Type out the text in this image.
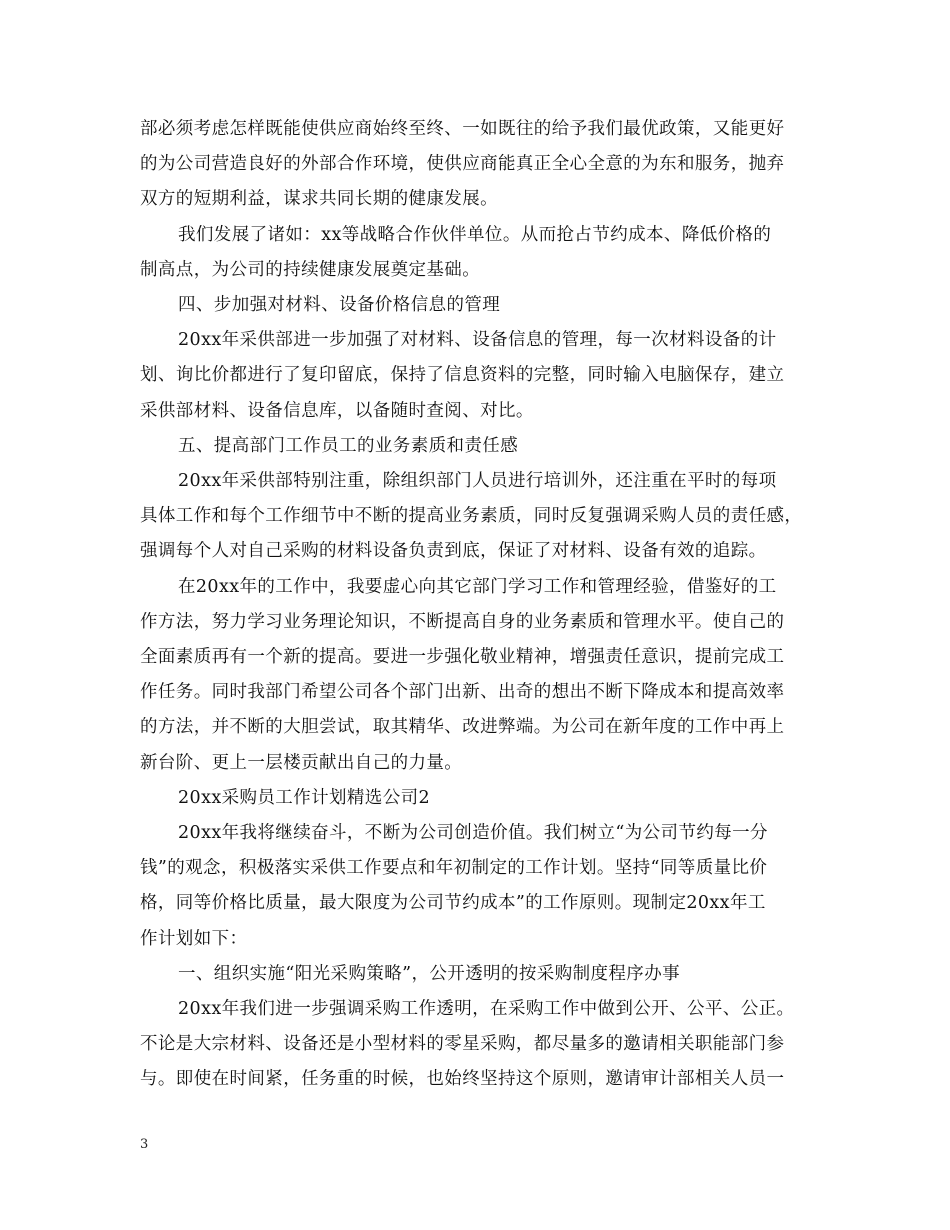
部必须考虑怎样既能使供应商始终至终、一如既往的给予我们最优政策，又能更好

的为公司营造良好的外部合作环境，使供应商能真正全心全意的为东和服务，抛弃

双方的短期利益，谋求共同长期的健康发展。

我们发展了诸如：xx等战略合作伙伴单位。从而抢占节约成本、降低价格的

制高点，为公司的持续健康发展奠定基础。

四、步加强对材料、设备价格信息的管理

20xx年采供部进一步加强了对材料、设备信息的管理，每一次材料设备的计

划、询比价都进行了复印留底，保持了信息资料的完整，同时输入电脑保存，建立

采供部材料、设备信息库，以备随时查阅、对比。

五、提高部门工作员工的业务素质和责任感

20xx年采供部特别注重，除组织部门人员进行培训外，还注重在平时的每项

具体工作和每个工作细节中不断的提高业务素质，同时反复强调采购人员的责任感，

强调每个人对自己采购的材料设备负责到底，保证了对材料、设备有效的追踪。

在20xx年的工作中，我要虚心向其它部门学习工作和管理经验，借鉴好的工

作方法，努力学习业务理论知识，不断提高自身的业务素质和管理水平。使自己的

全面素质再有一个新的提高。要进一步强化敬业精神，增强责任意识，提前完成工

作任务。同时我部门希望公司各个部门出新、出奇的想出不断下降成本和提高效率

的方法，并不断的大胆尝试，取其精华、改进弊端。为公司在新年度的工作中再上

新台阶、更上一层楼贡献出自己的力量。

20xx采购员工作计划精选公司2

20xx年我将继续奋斗，不断为公司创造价值。我们树立“为公司节约每一分

钱”的观念，积极落实采供工作要点和年初制定的工作计划。坚持“同等质量比价

格，同等价格比质量，最大限度为公司节约成本”的工作原则。现制定20xx年工

作计划如下：

一、组织实施“阳光采购策略”，公开透明的按采购制度程序办事

20xx年我们进一步强调采购工作透明，在采购工作中做到公开、公平、公正。

不论是大宗材料、设备还是小型材料的零星采购，都尽量多的邀请相关职能部门参

与。即使在时间紧，任务重的时候，也始终坚持这个原则，邀请审计部相关人员一

3
